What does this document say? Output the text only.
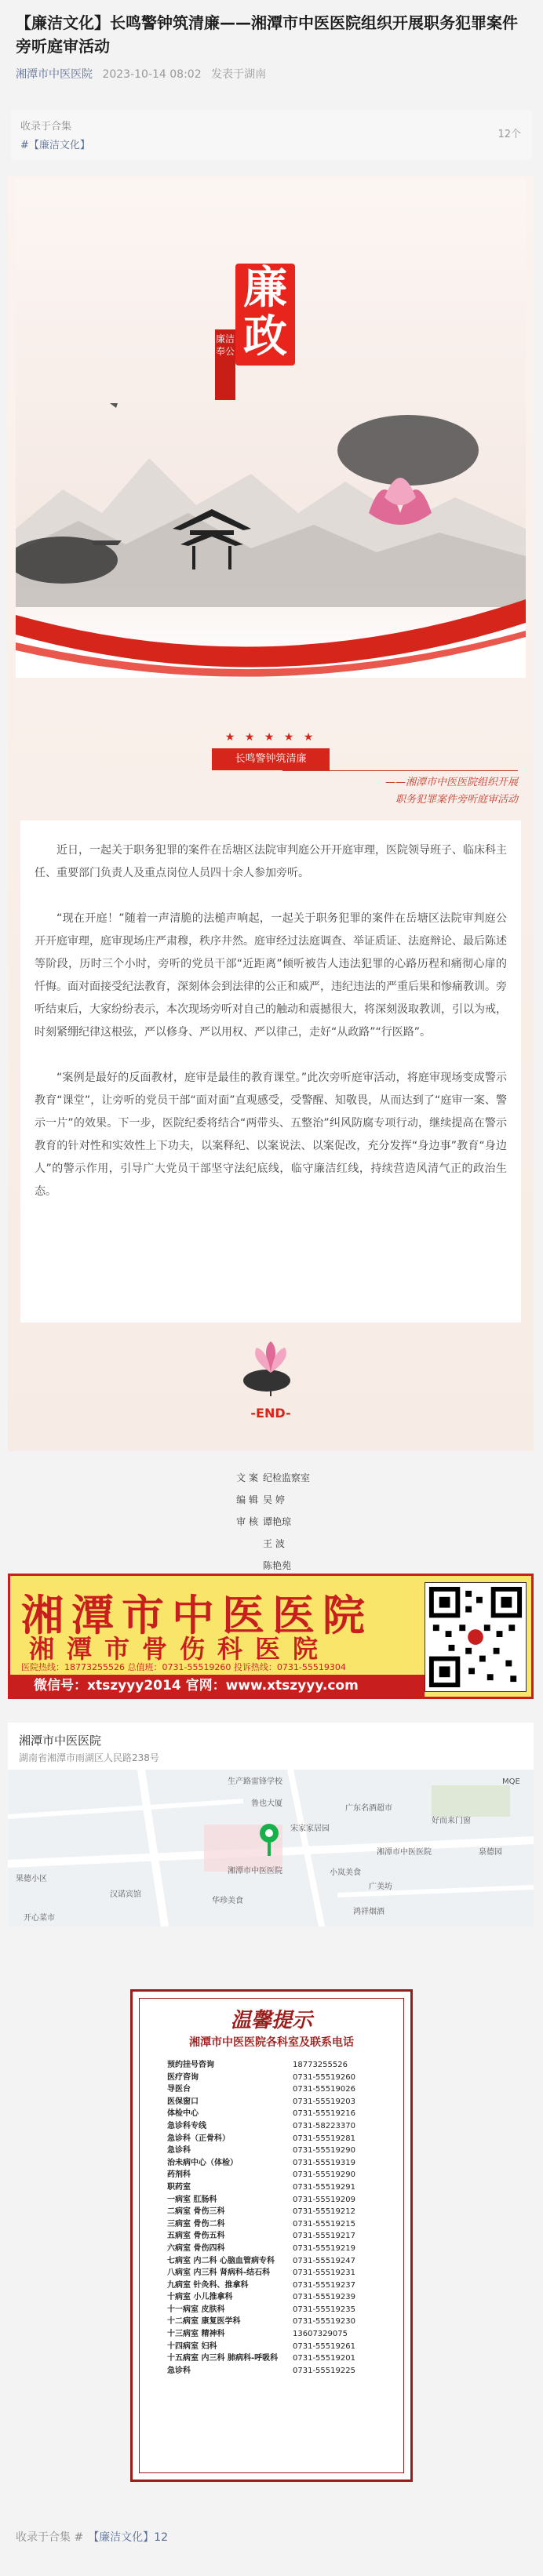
【廉洁文化】长鸣警钟筑清廉——湘潭市中医医院组织开展职务犯罪案件旁听庭审活动
湘潭市中医医院 2023-10-14 08:02 发表于湖南
收录于合集
#【廉洁文化】
12个
廉政
廉洁奉公
★ ★ ★ ★ ★
长鸣警钟筑清廉
——湘潭市中医医院组织开展
职务犯罪案件旁听庭审活动

近日，一起关于职务犯罪的案件在岳塘区法院审判庭公开开庭审理，医院领导班子、临床科主任、重要部门负责人及重点岗位人员四十余人参加旁听。

“现在开庭！”随着一声清脆的法槌声响起，一起关于职务犯罪的案件在岳塘区法院审判庭公开开庭审理，庭审现场庄严肃穆，秩序井然。庭审经过法庭调查、举证质证、法庭辩论、最后陈述等阶段，历时三个小时，旁听的党员干部“近距离”倾听被告人违法犯罪的心路历程和痛彻心扉的忏悔。面对面接受纪法教育，深刻体会到法律的公正和威严，违纪违法的严重后果和惨痛教训。旁听结束后，大家纷纷表示，本次现场旁听对自己的触动和震撼很大，将深刻汲取教训，引以为戒，时刻紧绷纪律这根弦，严以修身、严以用权、严以律己，走好“从政路”“行医路”。

“案例是最好的反面教材，庭审是最佳的教育课堂。”此次旁听庭审活动，将庭审现场变成警示教育“课堂”，让旁听的党员干部“面对面”直观感受，受警醒、知敬畏，从而达到了“庭审一案、警示一片”的效果。下一步，医院纪委将结合“两带头、五整治”纠风防腐专项行动，继续提高在警示教育的针对性和实效性上下功夫，以案释纪、以案说法、以案促改，充分发挥“身边事”教育“身边人”的警示作用，引导广大党员干部坚守法纪底线，临守廉洁红线，持续营造风清气正的政治生态。

-END-
文 案 纪检监察室
编 辑 吴 婷
审 核 谭艳琼
王 波
陈艳苑
湘潭市中医医院
湘潭市骨伤科医院
医院热线：18773255526 总值班：0731-55519260 投诉热线：0731-55519304
微信号：xtszyyy2014 官网：www.xtszyyy.com
湘潭市中医医院
湖南省湘潭市雨湖区人民路238号
生产路雷锋学校
鲁也大厦
广东名酒超市
好而来门窗
宋家家居园
湘潭市中医医院
湘潭市中医医院
小岚美食
泉德园
华珍美食
广美坊
鸿祥烟酒
开心菜市
汉诺宾馆
果德小区
MQE
温馨提示
湘潭市中医医院各科室及联系电话
预约挂号咨询	18773255526
医疗咨询	0731-55519260
导医台	0731-55519026
医保窗口	0731-55519203
体检中心	0731-55519216
急诊科专线	0731-58223370
急诊科（正骨科）	0731-55519281
急诊科	0731-55519290
治未病中心（体检）	0731-55519319
药剂科	0731-55519290
职药室	0731-55519291
一病室 肛肠科	0731-55519209
二病室 骨伤三科	0731-55519212
三病室 骨伤二科	0731-55519215
五病室 骨伤五科	0731-55519217
六病室 骨伤四科	0731-55519219
七病室 内二科 心脑血管病专科	0731-55519247
八病室 内三科 肾病科-结石科	0731-55519231
九病室 针灸科、推拿科	0731-55519237
十病室 小儿推拿科	0731-55519239
十一病室 皮肤科	0731-55519235
十二病室 康复医学科	0731-55519230
十三病室 精神科	13607329075
十四病室 妇科	0731-55519261
十五病室 内三科 肺病科-呼吸科	0731-55519201
急诊科	0731-55519225
收录于合集 # 【廉洁文化】12
